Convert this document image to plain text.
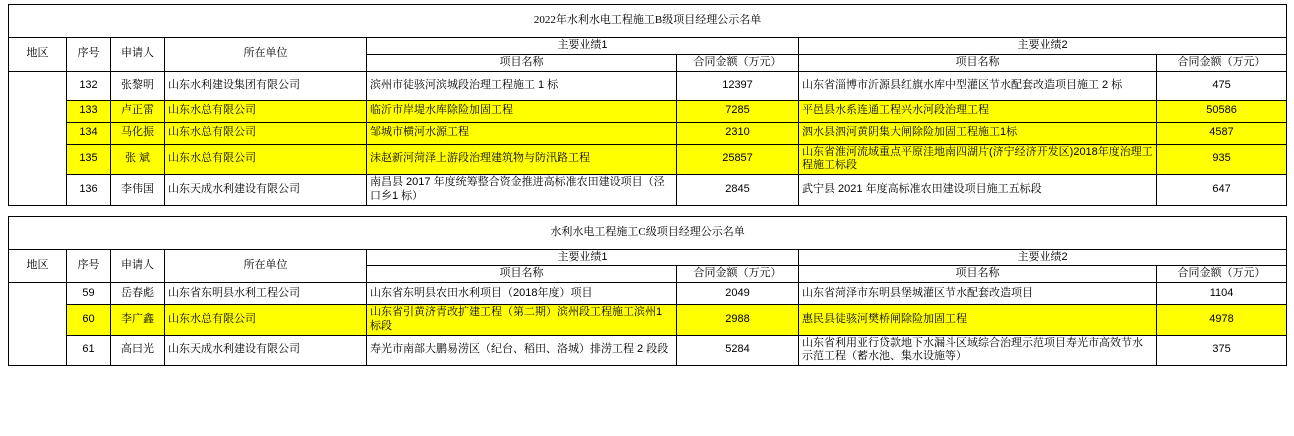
2022年水利水电工程施工B级项目经理公示名单							
地区	序号	申请人	所在单位	主要业绩1		主要业绩2	
				项目名称	合同金额（万元）	项目名称	合同金额（万元）
	132	张黎明	山东水利建设集团有限公司	滨州市徒骇河滨城段治理工程施工 1 标	12397	山东省淄博市沂源县红旗水库中型灌区节水配套改造项目施工 2 标	475
	133	卢正雷	山东水总有限公司	临沂市岸堤水库除险加固工程	7285	平邑县水系连通工程兴水河段治理工程	50586
	134	马化振	山东水总有限公司	邹城市横河水源工程	2310	泗水县泗河黄阴集大闸除险加固工程施工1标	4587
	135	张 斌	山东水总有限公司	沫赵新河菏泽上游段治理建筑物与防汛路工程	25857	山东省淮河流域重点平原洼地南四湖片(济宁经济开发区)2018年度治理工程施工标段	935
	136	李伟国	山东天成水利建设有限公司	南昌县 2017 年度统筹整合资金推进高标准农田建设项目（泾口乡1 标）	2845	武宁县 2021 年度高标准农田建设项目施工五标段	647
水利水电工程施工C级项目经理公示名单							
地区	序号	申请人	所在单位	主要业绩1		主要业绩2	
				项目名称	合同金额（万元）	项目名称	合同金额（万元）
	59	岳春彪	山东省东明县水利工程公司	山东省东明县农田水利项目（2018年度）项目	2049	山东省菏泽市东明县堡城灌区节水配套改造项目	1104
	60	李广鑫	山东水总有限公司	山东省引黄济青改扩建工程（第二期）滨州段工程施工滨州1标段	2988	惠民县徒骇河樊桥闸除险加固工程	4978
	61	高曰光	山东天成水利建设有限公司	寿光市南部大鹏易涝区（纪台、稻田、洛城）排涝工程 2 段段	5284	山东省利用亚行贷款地下水漏斗区域综合治理示范项目寿光市高效节水示范工程（蓄水池、集水设施等）	375
